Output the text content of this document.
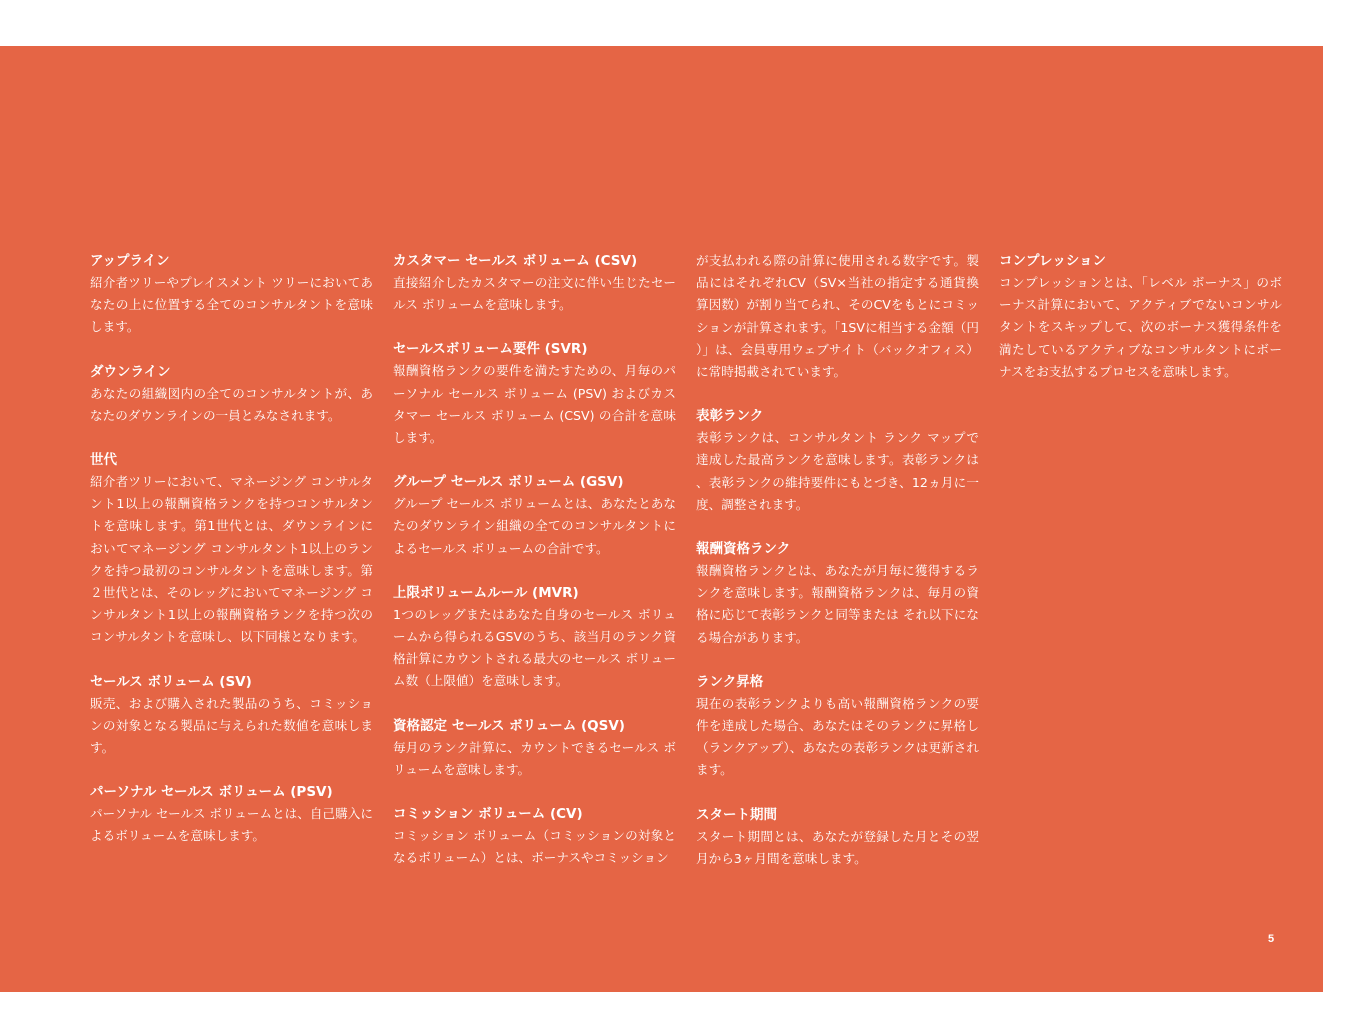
アップライン

紹介者ツリーやプレイスメント ツリーにおいてあなたの上に位置する全てのコンサルタントを意味します。

ダウンライン

あなたの組織図内の全てのコンサルタントが、あなたのダウンラインの一員とみなされます。

世代

紹介者ツリーにおいて、マネージング コンサルタント1以上の報酬資格ランクを持つコンサルタントを意味します。第1世代とは、ダウンラインにおいてマネージング コンサルタント1以上のランクを持つ最初のコンサルタントを意味します。第２世代とは、そのレッグにおいてマネージング コンサルタント1以上の報酬資格ランクを持つ次のコンサルタントを意味し、以下同様となります。

セールス ボリューム (SV)

販売、および購入された製品のうち、コミッションの対象となる製品に与えられた数値を意味します。

パーソナル セールス ボリューム (PSV)

パーソナル セールス ボリュームとは、自己購入によるボリュームを意味します。

カスタマー セールス ボリューム (CSV)

直接紹介したカスタマーの注文に伴い生じたセールス ボリュームを意味します。

セールスボリューム要件 (SVR)

報酬資格ランクの要件を満たすための、月毎のパーソナル セールス ボリューム (PSV) およびカスタマー セールス ボリューム (CSV) の合計を意味します。

グループ セールス ボリューム (GSV)

グループ セールス ボリュームとは、あなたとあなたのダウンライン組織の全てのコンサルタントによるセールス ボリュームの合計です。

上限ボリュームルール (MVR)

1つのレッグまたはあなた自身のセールス ボリュームから得られるGSVのうち、該当月のランク資格計算にカウントされる最大のセールス ボリューム数（上限値）を意味します。

資格認定 セールス ボリューム (QSV)

毎月のランク計算に、カウントできるセールス ボリュームを意味します。

コミッション ボリューム (CV)

コミッション ボリューム（コミッションの対象となるボリューム）とは、ボーナスやコミッション

が支払われる際の計算に使用される数字です。製品にはそれぞれCV（SV×当社の指定する通貨換算因数）が割り当てられ、そのCVをもとにコミッションが計算されます。「1SVに相当する金額（円）」は、会員専用ウェブサイト（バックオフィス）に常時掲載されています。

表彰ランク

表彰ランクは、コンサルタント ランク マップで達成した最高ランクを意味します。表彰ランクは、表彰ランクの維持要件にもとづき、12ヵ月に一度、調整されます。

報酬資格ランク

報酬資格ランクとは、あなたが月毎に獲得するランクを意味します。報酬資格ランクは、毎月の資格に応じて表彰ランクと同等または それ以下になる場合があります。

ランク昇格

現在の表彰ランクよりも高い報酬資格ランクの要件を達成した場合、あなたはそのランクに昇格し（ランクアップ）、あなたの表彰ランクは更新されます。

スタート期間

スタート期間とは、あなたが登録した月とその翌月から3ヶ月間を意味します。

コンプレッション

コンプレッションとは、「レベル ボーナス」のボーナス計算において、アクティブでないコンサルタントをスキップして、次のボーナス獲得条件を満たしているアクティブなコンサルタントにボーナスをお支払するプロセスを意味します。

5
